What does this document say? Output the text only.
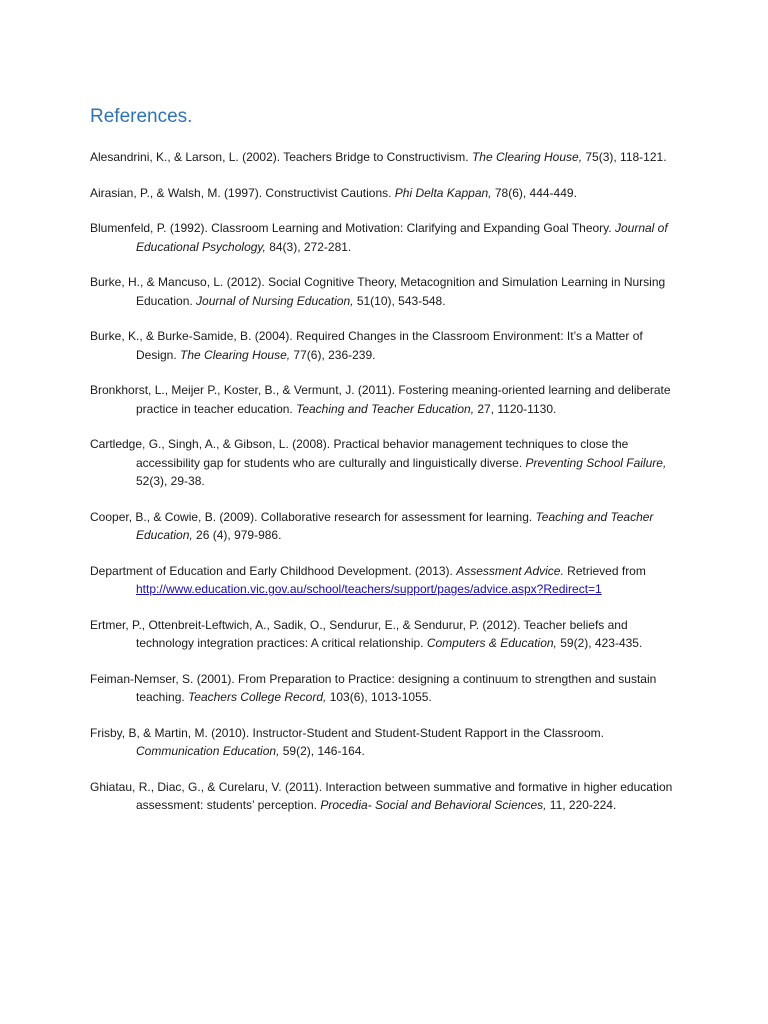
References.

Alesandrini, K., & Larson, L. (2002). Teachers Bridge to Constructivism. The Clearing House, 75(3), 118-121.

Airasian, P., & Walsh, M. (1997). Constructivist Cautions. Phi Delta Kappan, 78(6), 444-449.

Blumenfeld, P. (1992). Classroom Learning and Motivation: Clarifying and Expanding Goal Theory. Journal of Educational Psychology, 84(3), 272-281.

Burke, H., & Mancuso, L. (2012). Social Cognitive Theory, Metacognition and Simulation Learning in Nursing Education. Journal of Nursing Education, 51(10), 543-548.

Burke, K., & Burke-Samide, B. (2004). Required Changes in the Classroom Environment: It’s a Matter of Design. The Clearing House, 77(6), 236-239.

Bronkhorst, L., Meijer P., Koster, B., & Vermunt, J. (2011). Fostering meaning-oriented learning and deliberate practice in teacher education. Teaching and Teacher Education, 27, 1120-1130.

Cartledge, G., Singh, A., & Gibson, L. (2008). Practical behavior management techniques to close the accessibility gap for students who are culturally and linguistically diverse. Preventing School Failure, 52(3), 29-38.

Cooper, B., & Cowie, B. (2009). Collaborative research for assessment for learning. Teaching and Teacher Education, 26 (4), 979-986.

Department of Education and Early Childhood Development. (2013). Assessment Advice. Retrieved from http://www.education.vic.gov.au/school/teachers/support/pages/advice.aspx?Redirect=1

Ertmer, P., Ottenbreit-Leftwich, A., Sadik, O., Sendurur, E., & Sendurur, P. (2012). Teacher beliefs and technology integration practices: A critical relationship. Computers & Education, 59(2), 423-435.

Feiman-Nemser, S. (2001). From Preparation to Practice: designing a continuum to strengthen and sustain teaching. Teachers College Record, 103(6), 1013-1055.

Frisby, B, & Martin, M. (2010). Instructor-Student and Student-Student Rapport in the Classroom. Communication Education, 59(2), 146-164.

Ghiatau, R., Diac, G., & Curelaru, V. (2011). Interaction between summative and formative in higher education assessment: students’ perception. Procedia- Social and Behavioral Sciences, 11, 220-224.
